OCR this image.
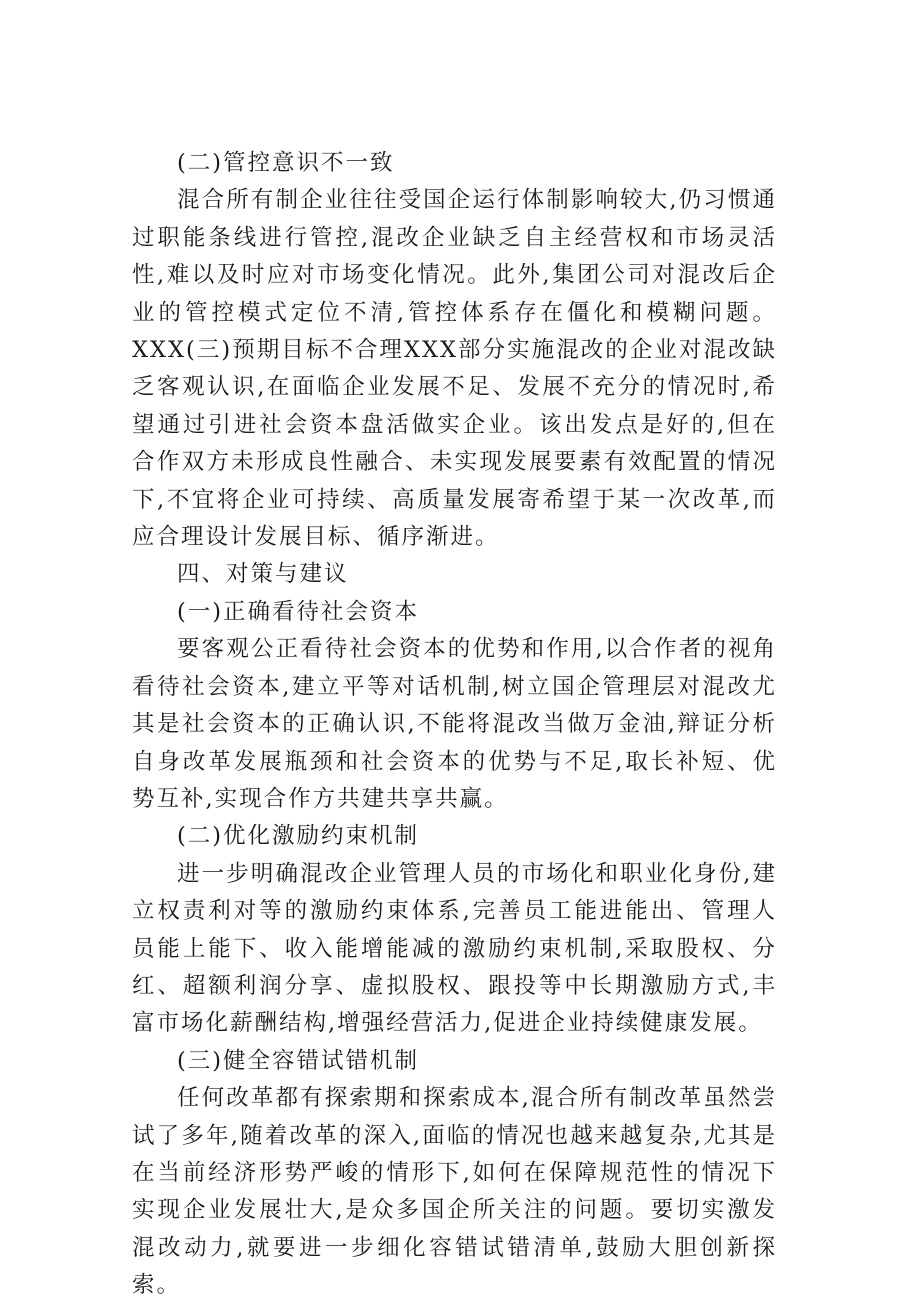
(二)管控意识不一致

混合所有制企业往往受国企运行体制影响较大,仍习惯通过职能条线进行管控,混改企业缺乏自主经营权和市场灵活性,难以及时应对市场变化情况。此外,集团公司对混改后企业的管控模式定位不清,管控体系存在僵化和模糊问题。XXX(三)预期目标不合理XXX部分实施混改的企业对混改缺乏客观认识,在面临企业发展不足、发展不充分的情况时,希望通过引进社会资本盘活做实企业。该出发点是好的,但在合作双方未形成良性融合、未实现发展要素有效配置的情况下,不宜将企业可持续、高质量发展寄希望于某一次改革,而应合理设计发展目标、循序渐进。

四、对策与建议

(一)正确看待社会资本

要客观公正看待社会资本的优势和作用,以合作者的视角看待社会资本,建立平等对话机制,树立国企管理层对混改尤其是社会资本的正确认识,不能将混改当做万金油,辩证分析自身改革发展瓶颈和社会资本的优势与不足,取长补短、优势互补,实现合作方共建共享共赢。

(二)优化激励约束机制

进一步明确混改企业管理人员的市场化和职业化身份,建立权责利对等的激励约束体系,完善员工能进能出、管理人员能上能下、收入能增能减的激励约束机制,采取股权、分红、超额利润分享、虚拟股权、跟投等中长期激励方式,丰富市场化薪酬结构,增强经营活力,促进企业持续健康发展。

(三)健全容错试错机制

任何改革都有探索期和探索成本,混合所有制改革虽然尝试了多年,随着改革的深入,面临的情况也越来越复杂,尤其是在当前经济形势严峻的情形下,如何在保障规范性的情况下实现企业发展壮大,是众多国企所关注的问题。要切实激发混改动力,就要进一步细化容错试错清单,鼓励大胆创新探索。
